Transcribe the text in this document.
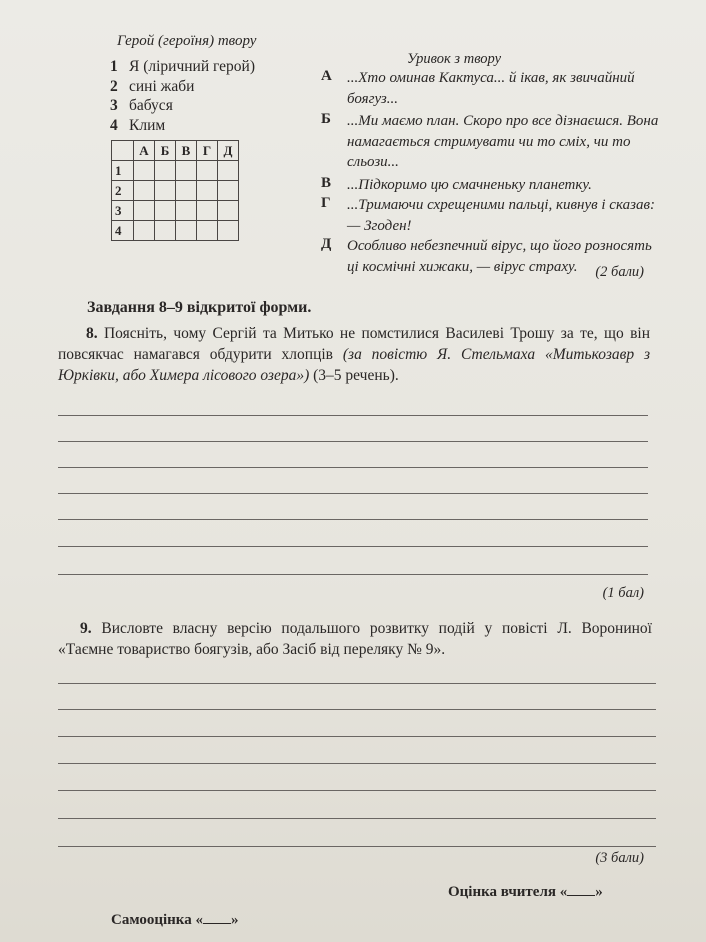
Герой (героїня) твору
1 Я (ліричний герой)
2 сині жаби
3 бабуся
4 Клим
	А	Б	В	Г	Д
1					
2					
3					
4					
Уривок з твору
А	...Хто оминав Кактуса... й ікав, як звичайний боягуз...
Б	...Ми маємо план. Скоро про все дізнаєшся. Вона намагається стримувати чи то сміх, чи то сльози...
В	...Підкоримо цю смачненьку планетку.
Г	...Тримаючи схрещеними пальці, кивнув і сказав: — Згоден!
Д	Особливо небезпечний вірус, що його розносять ці космічні хижаки, — вірус страху.	(2 бали)
Завдання 8–9 відкритої форми.
8. Поясніть, чому Сергій та Митько не помстилися Василеві Трошу за те, що він повсякчас намагався обдурити хлопців (за повістю Я. Стельмаха «Митькозавр з Юрківки, або Химера лісового озера») (3–5 речень).
(1 бал)
9. Висловте власну версію подальшого розвитку подій у повісті Л. Ворониної «Таємне товариство боягузів, або Засіб від переляку № 9».
(3 бали)
Оцінка вчителя « »
Самооцінка « »
